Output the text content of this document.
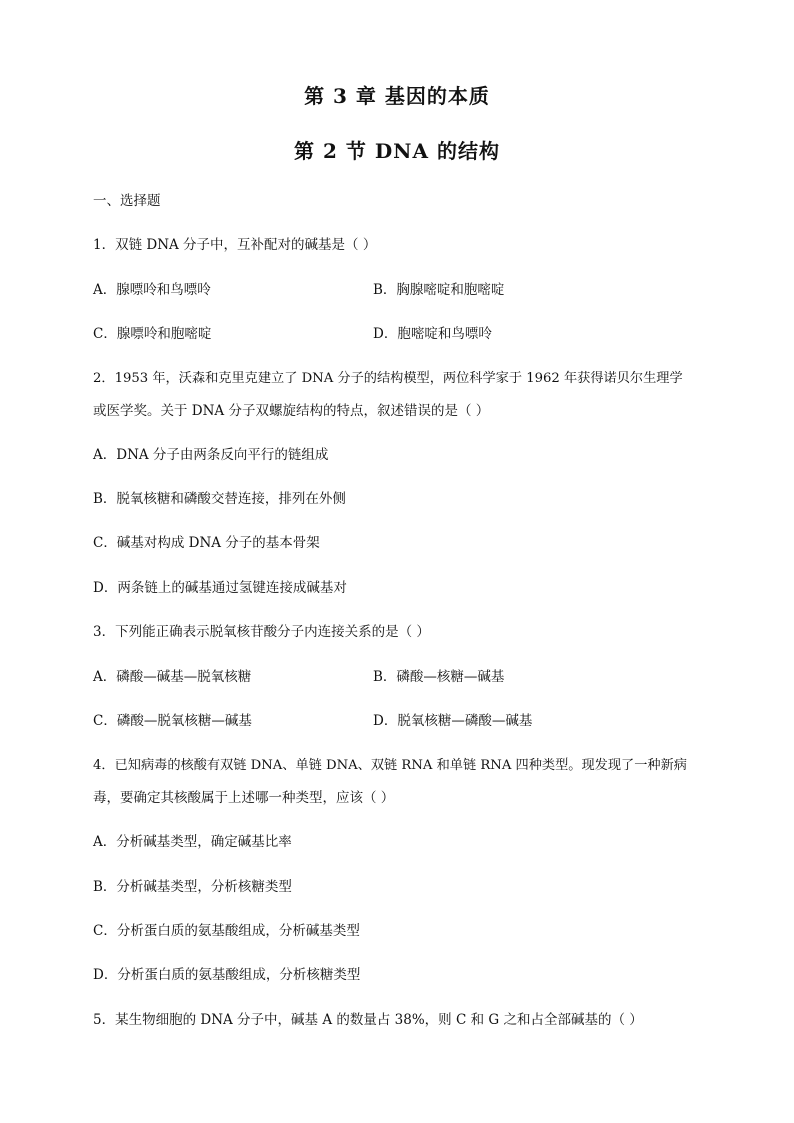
第 3 章 基因的本质
第 2 节 DNA 的结构
一、选择题
1．双链 DNA 分子中，互补配对的碱基是（ ）
A．腺嘌呤和鸟嘌呤	B．胸腺嘧啶和胞嘧啶
C．腺嘌呤和胞嘧啶	D．胞嘧啶和鸟嘌呤
2．1953 年，沃森和克里克建立了 DNA 分子的结构模型，两位科学家于 1962 年获得诺贝尔生理学
或医学奖。关于 DNA 分子双螺旋结构的特点，叙述错误的是（ ）
A．DNA 分子由两条反向平行的链组成
B．脱氧核糖和磷酸交替连接，排列在外侧
C．碱基对构成 DNA 分子的基本骨架
D．两条链上的碱基通过氢键连接成碱基对
3．下列能正确表示脱氧核苷酸分子内连接关系的是（ ）
A．磷酸—碱基—脱氧核糖	B．磷酸—核糖—碱基
C．磷酸—脱氧核糖—碱基	D．脱氧核糖—磷酸—碱基
4．已知病毒的核酸有双链 DNA、单链 DNA、双链 RNA 和单链 RNA 四种类型。现发现了一种新病
毒，要确定其核酸属于上述哪一种类型，应该（ ）
A．分析碱基类型，确定碱基比率
B．分析碱基类型，分析核糖类型
C．分析蛋白质的氨基酸组成，分析碱基类型
D．分析蛋白质的氨基酸组成，分析核糖类型
5．某生物细胞的 DNA 分子中，碱基 A 的数量占 38%，则 C 和 G 之和占全部碱基的（ ）
